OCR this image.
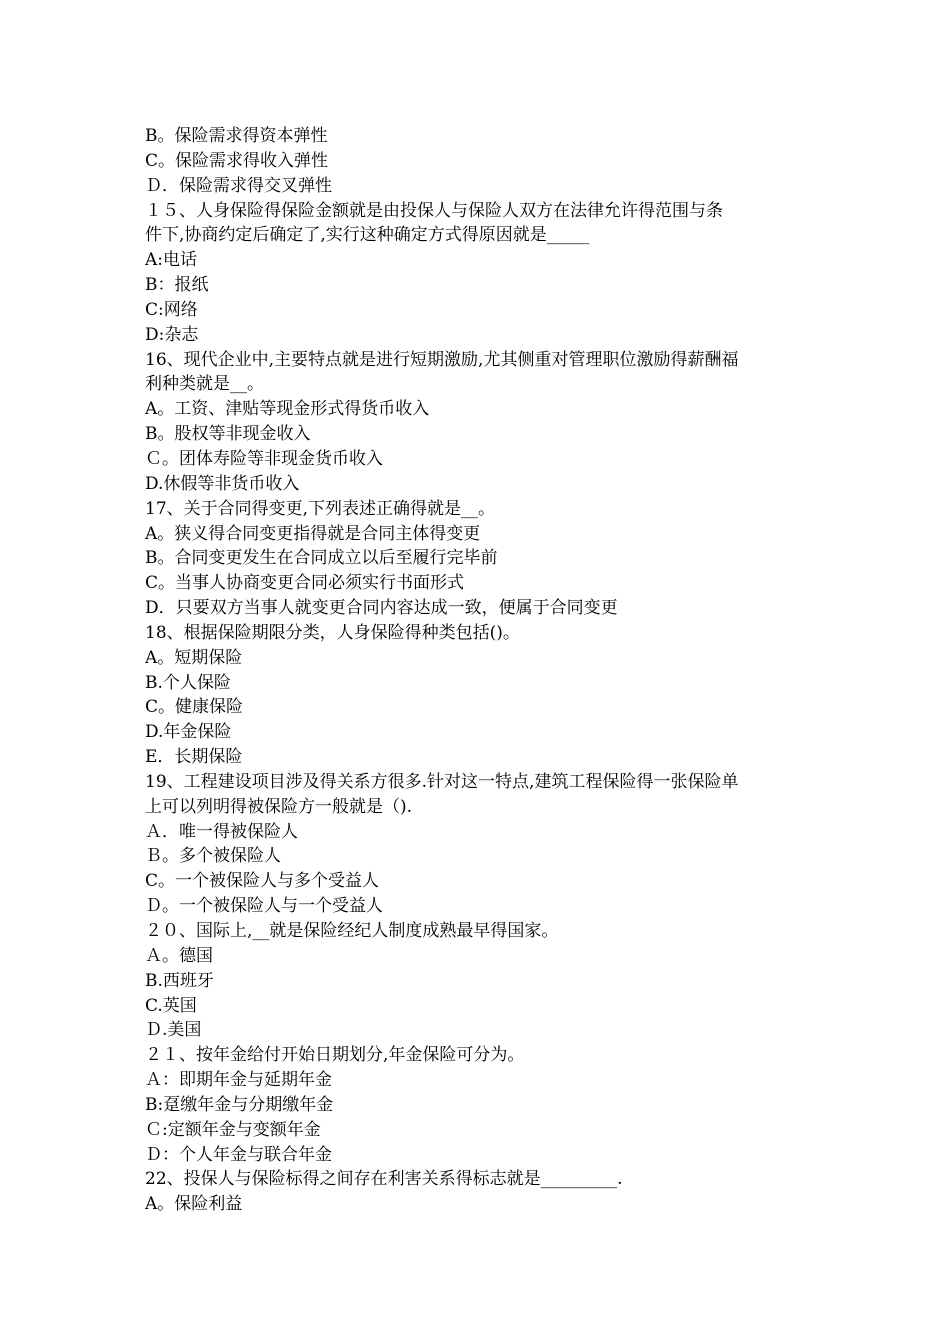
B。保险需求得资本弹性
C。保险需求得收入弹性
Ｄ．保险需求得交叉弹性
１５、人身保险得保险金额就是由投保人与保险人双方在法律允许得范围与条
件下,协商约定后确定了,实行这种确定方式得原因就是_____
A:电话
B：报纸
C:网络
D:杂志
16、现代企业中,主要特点就是进行短期激励,尤其侧重对管理职位激励得薪酬福
利种类就是__。
A。工资、津贴等现金形式得货币收入
B。股权等非现金收入
Ｃ。团体寿险等非现金货币收入
D.休假等非货币收入
17、关于合同得变更,下列表述正确得就是__。
A。狭义得合同变更指得就是合同主体得变更
B。合同变更发生在合同成立以后至履行完毕前
C。当事人协商变更合同必须实行书面形式
D．只要双方当事人就变更合同内容达成一致，便属于合同变更
18、根据保险期限分类，人身保险得种类包括()。
A。短期保险
B.个人保险
C。健康保险
D.年金保险
E．长期保险
19、工程建设项目涉及得关系方很多.针对这一特点,建筑工程保险得一张保险单
上可以列明得被保险方一般就是（).
Ａ．唯一得被保险人
Ｂ。多个被保险人
C。一个被保险人与多个受益人
Ｄ。一个被保险人与一个受益人
２０、国际上,__就是保险经纪人制度成熟最早得国家。
Ａ。德国
B.西班牙
C.英国
Ｄ.美国
２１、按年金给付开始日期划分,年金保险可分为。
Ａ：即期年金与延期年金
B:趸缴年金与分期缴年金
Ｃ:定额年金与变额年金
Ｄ：个人年金与联合年金
22、投保人与保险标得之间存在利害关系得标志就是_________.
A。保险利益
